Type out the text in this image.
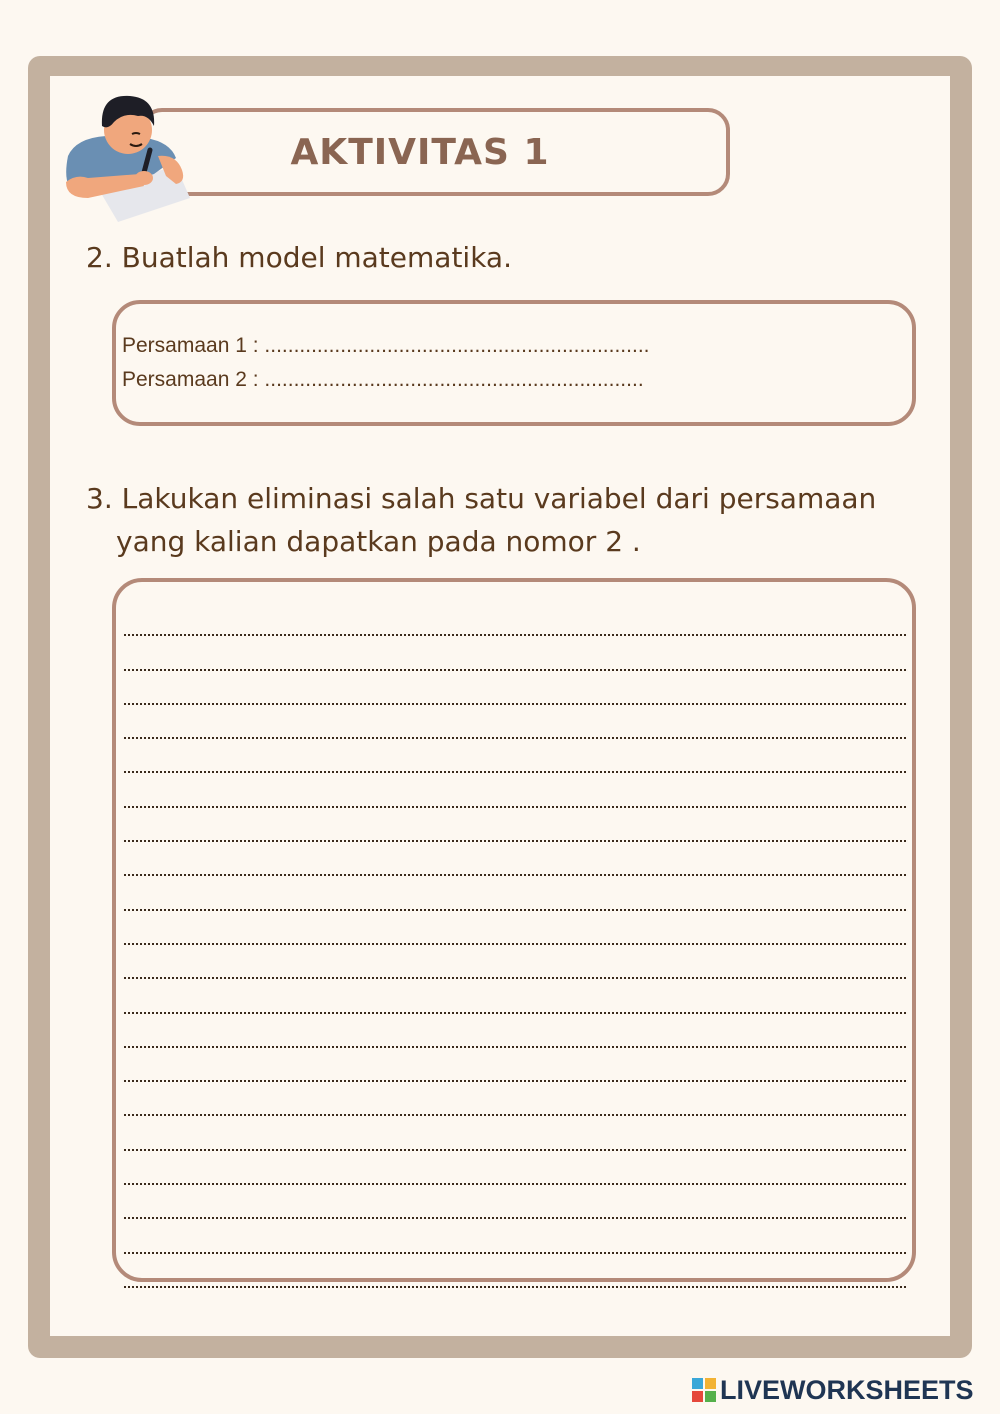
AKTIVITAS 1
2. Buatlah model matematika.
Persamaan 1 : ..................................................................
Persamaan 2 : .................................................................
3. Lakukan eliminasi salah satu variabel dari persamaan
yang kalian dapatkan pada nomor 2 .
LIVEWORKSHEETS
